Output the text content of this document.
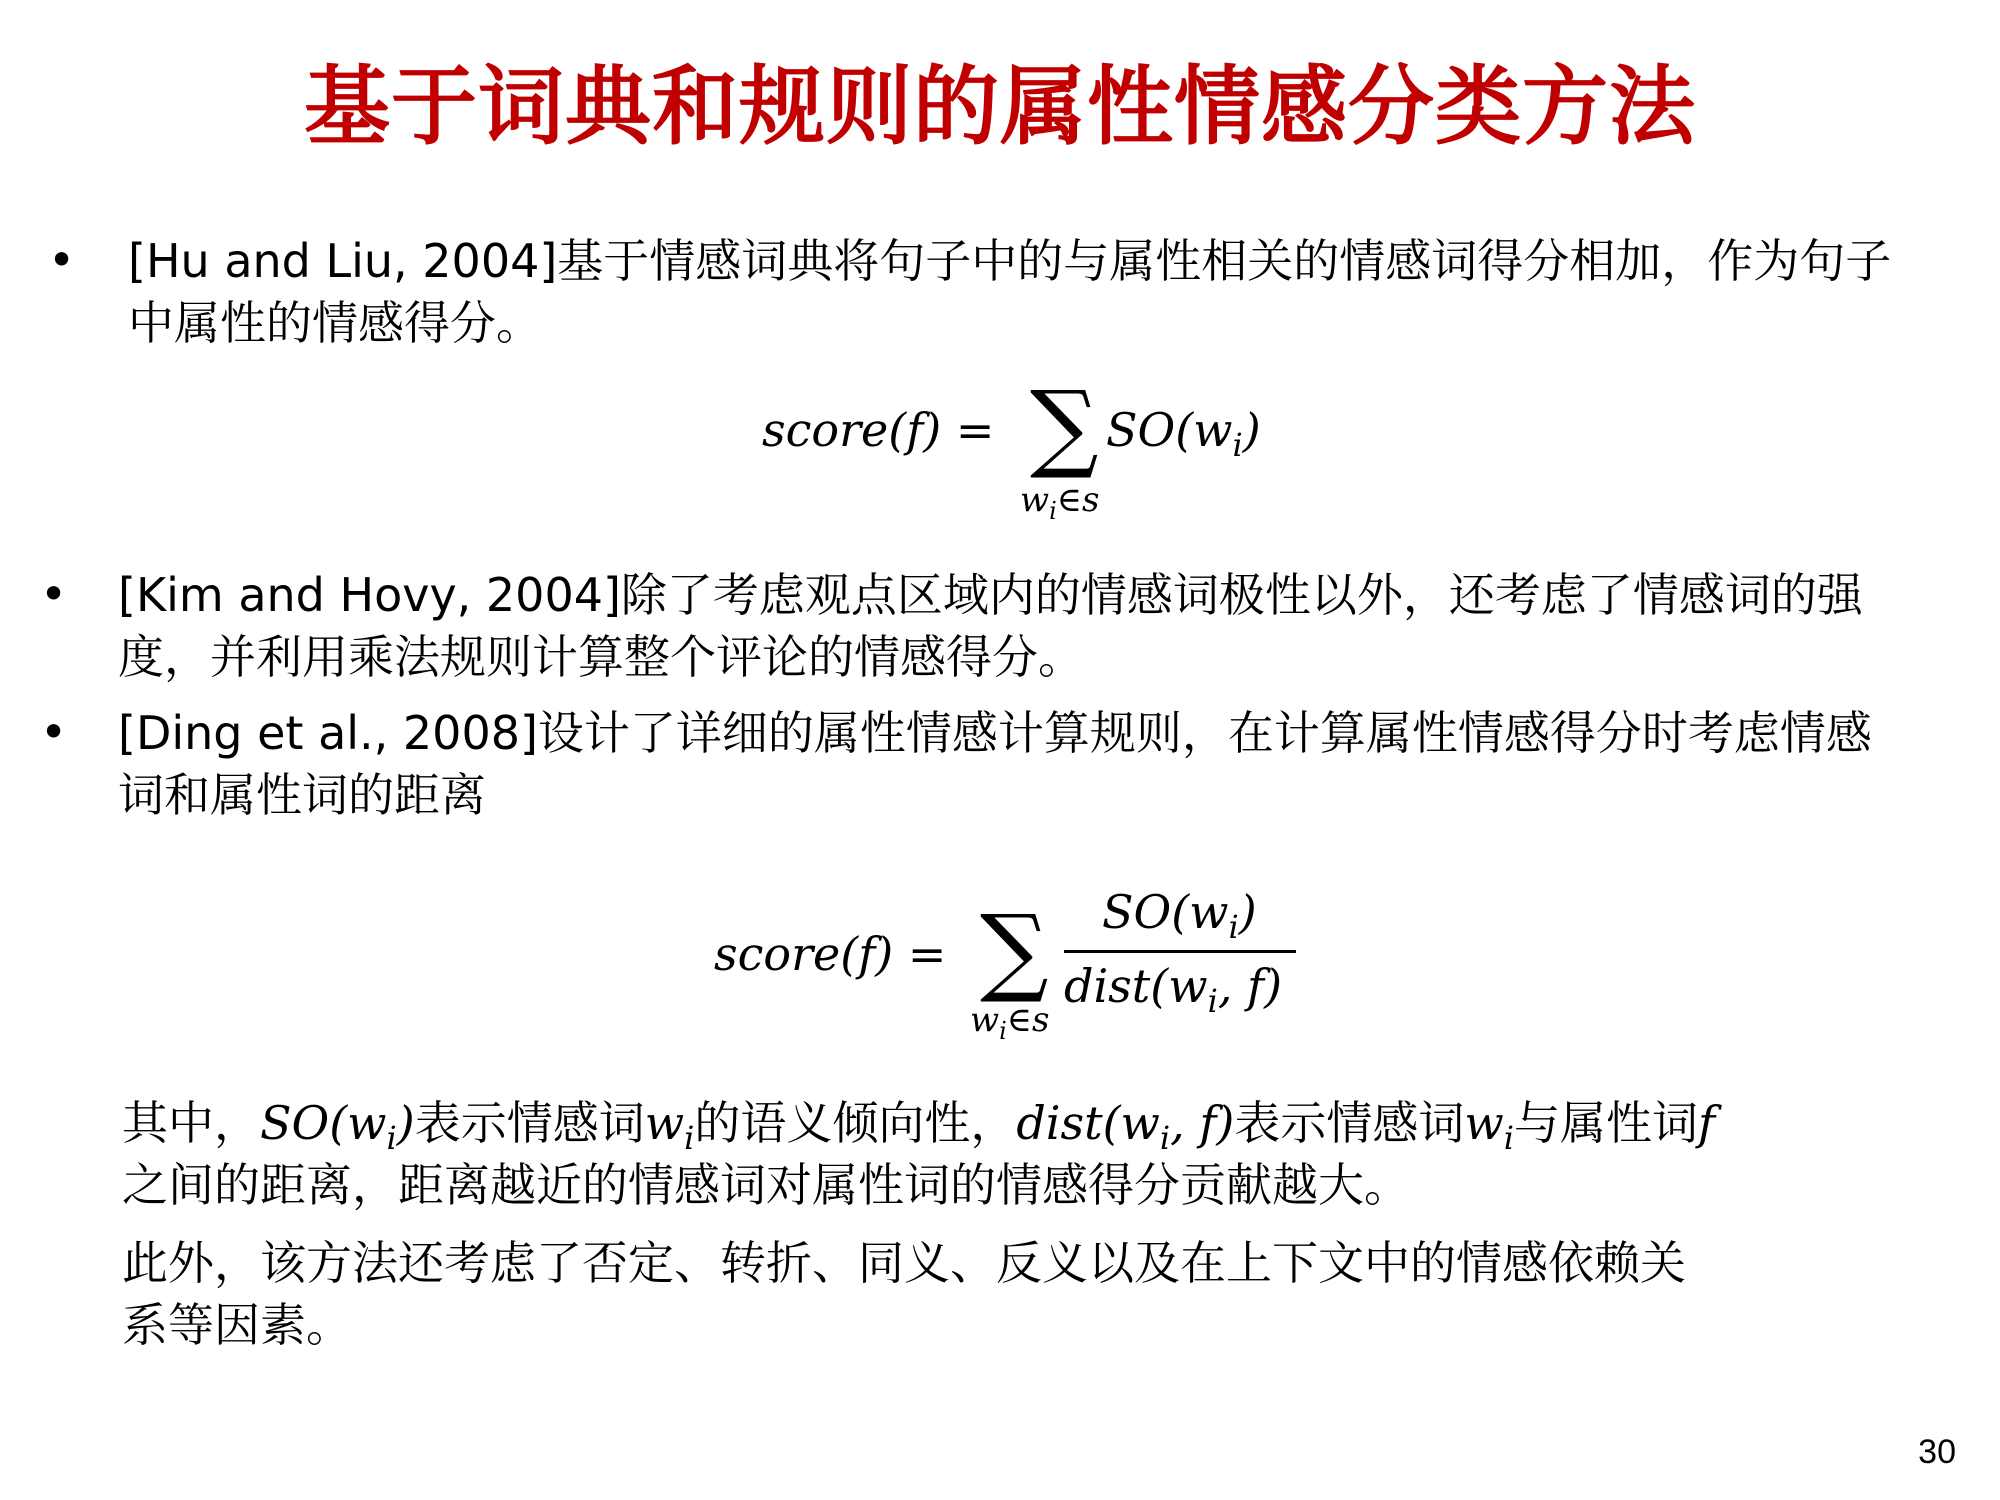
基于词典和规则的属性情感分类方法
• [Hu and Liu, 2004]基于情感词典将句子中的与属性相关的情感词得分相加，作为句子
中属性的情感得分。
score(f) = ∑ $SO(w_i)$
$w_i\in s$
• [Kim and Hovy, 2004]除了考虑观点区域内的情感词极性以外，还考虑了情感词的强
度，并利用乘法规则计算整个评论的情感得分。
• [Ding et al., 2008]设计了详细的属性情感计算规则，在计算属性情感得分时考虑情感
词和属性词的距离
score(f) = ∑ $SO(w_i)$
$dist(w_i$, f)
$w_i\in s$
其中，$SO(w_i)$表示情感词$w_i$的语义倾向性，$dist(w_i$, f)表示情感词$w_i$与属性词f
之间的距离，距离越近的情感词对属性词的情感得分贡献越大。
此外，该方法还考虑了否定、转折、同义、反义以及在上下文中的情感依赖关
系等因素。
30
